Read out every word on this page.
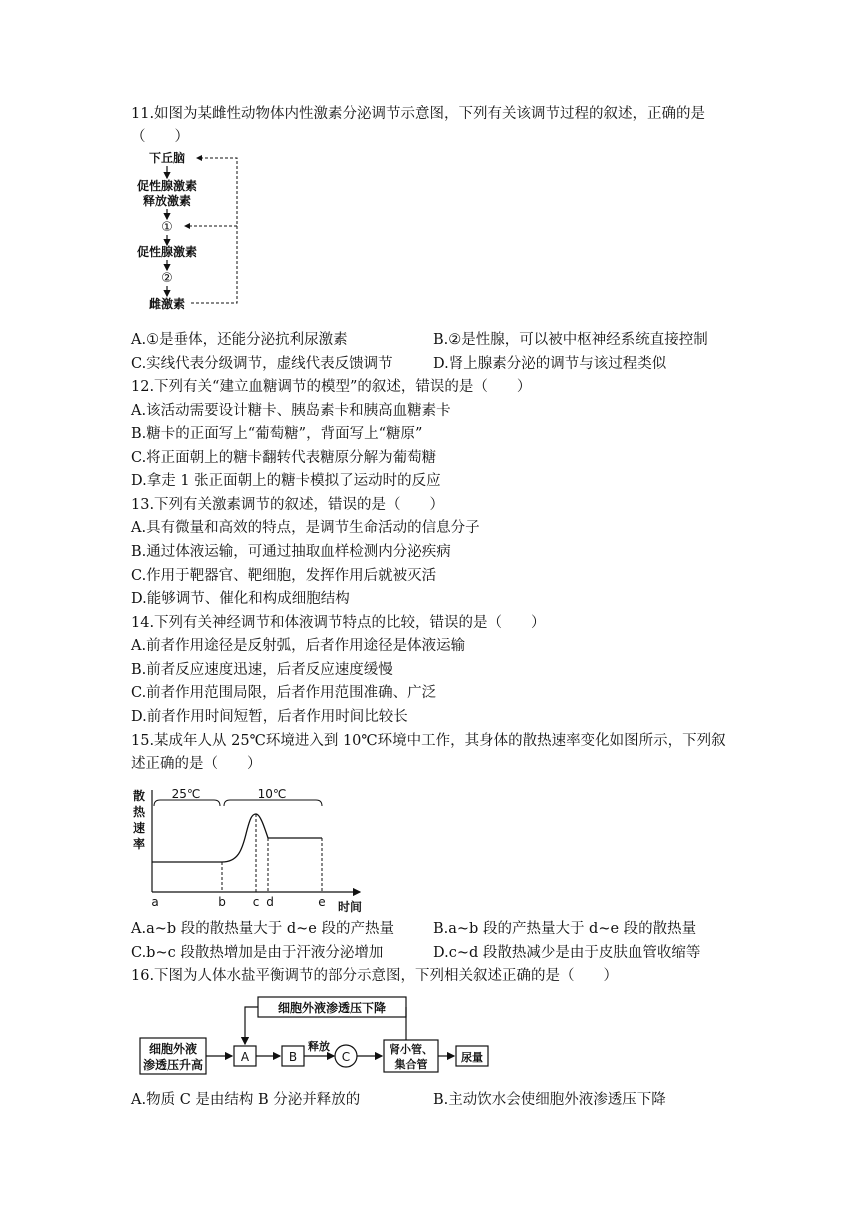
11.如图为某雌性动物体内性激素分泌调节示意图，下列有关该调节过程的叙述，正确的是
（　　）
下丘脑
促性腺激素
释放激素
①
促性腺激素
②
雌激素
A.①是垂体，还能分泌抗利尿激素	B.②是性腺，可以被中枢神经系统直接控制
C.实线代表分级调节，虚线代表反馈调节	D.肾上腺素分泌的调节与该过程类似
12.下列有关“建立血糖调节的模型”的叙述，错误的是（　　）
A.该活动需要设计糖卡、胰岛素卡和胰高血糖素卡
B.糖卡的正面写上“葡萄糖”，背面写上“糖原”
C.将正面朝上的糖卡翻转代表糖原分解为葡萄糖
D.拿走 1 张正面朝上的糖卡模拟了运动时的反应
13.下列有关激素调节的叙述，错误的是（　　）
A.具有微量和高效的特点，是调节生命活动的信息分子
B.通过体液运输，可通过抽取血样检测内分泌疾病
C.作用于靶器官、靶细胞，发挥作用后就被灭活
D.能够调节、催化和构成细胞结构
14.下列有关神经调节和体液调节特点的比较，错误的是（　　）
A.前者作用途径是反射弧，后者作用途径是体液运输
B.前者反应速度迅速，后者反应速度缓慢
C.前者作用范围局限，后者作用范围准确、广泛
D.前者作用时间短暂，后者作用时间比较长
15.某成年人从 25℃环境进入到 10℃环境中工作，其身体的散热速率变化如图所示，下列叙
述正确的是（　　）
散
热
速
率
25℃	10℃
a	b c d	e 时间
A.a~b 段的散热量大于 d~e 段的产热量	B.a~b 段的产热量大于 d~e 段的散热量
C.b~c 段散热增加是由于汗液分泌增加	D.c~d 段散热减少是由于皮肤血管收缩等
16.下图为人体水盐平衡调节的部分示意图，下列相关叙述正确的是（　　）
细胞外液渗透压下降
细胞外液
渗透压升高
A	B
释放
C
肾小管、
集合管
尿量
A.物质 C 是由结构 B 分泌并释放的	B.主动饮水会使细胞外液渗透压下降
